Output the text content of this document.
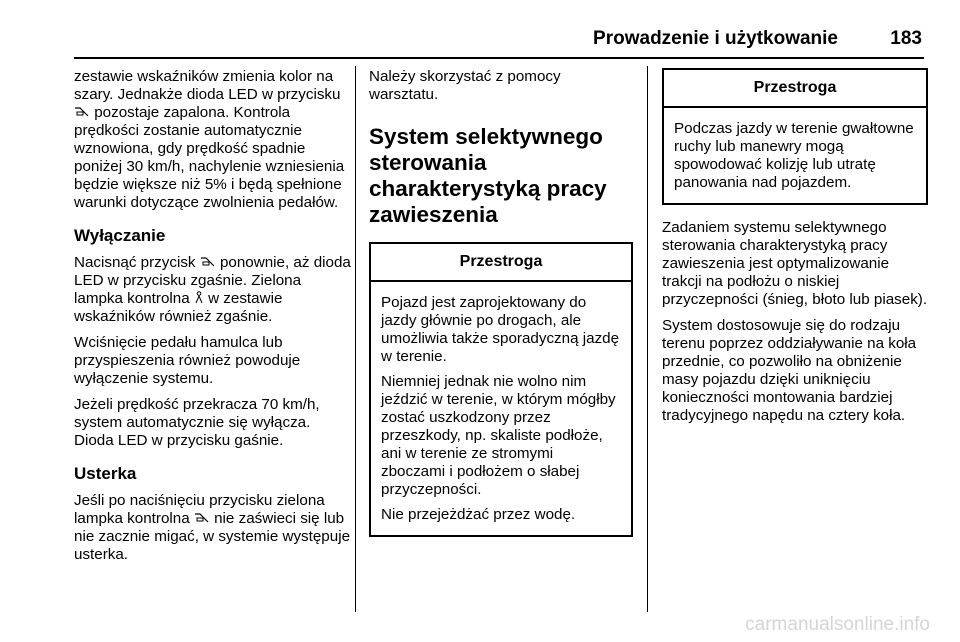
Prowadzenie i użytkowanie	183

zestawie wskaźników zmienia kolor na szary. Jednakże dioda LED w przycisku  pozostaje zapalona. Kontrola prędkości zostanie automatycznie wznowiona, gdy prędkość spadnie poniżej 30 km/h, nachylenie wzniesienia będzie większe niż 5% i będą spełnione warunki dotyczące zwolnienia pedałów.

Wyłączanie

Nacisnąć przycisk  ponownie, aż dioda LED w przycisku zgaśnie. Zielona lampka kontrolna  w zestawie wskaźników również zgaśnie.

Wciśnięcie pedału hamulca lub przyspieszenia również powoduje wyłączenie systemu.

Jeżeli prędkość przekracza 70 km/h, system automatycznie się wyłącza. Dioda LED w przycisku gaśnie.

Usterka

Jeśli po naciśnięciu przycisku zielona lampka kontrolna  nie zaświeci się lub nie zacznie migać, w systemie występuje usterka.

Należy skorzystać z pomocy warsztatu.

System selektywnego sterowania charakterystyką pracy zawieszenia
Przestroga

Pojazd jest zaprojektowany do jazdy głównie po drogach, ale umożliwia także sporadyczną jazdę w terenie.

Niemniej jednak nie wolno nim jeździć w terenie, w którym mógłby zostać uszkodzony przez przeszkody, np. skaliste podłoże, ani w terenie ze stromymi zboczami i podłożem o słabej przyczepności.

Nie przejeżdżać przez wodę.

Przestroga

Podczas jazdy w terenie gwałtowne ruchy lub manewry mogą spowodować kolizję lub utratę panowania nad pojazdem.

Zadaniem systemu selektywnego sterowania charakterystyką pracy zawieszenia jest optymalizowanie trakcji na podłożu o niskiej przyczepności (śnieg, błoto lub piasek).

System dostosowuje się do rodzaju terenu poprzez oddziaływanie na koła przednie, co pozwoliło na obniżenie masy pojazdu dzięki uniknięciu konieczności montowania bardziej tradycyjnego napędu na cztery koła.

carmanualsonline.info
